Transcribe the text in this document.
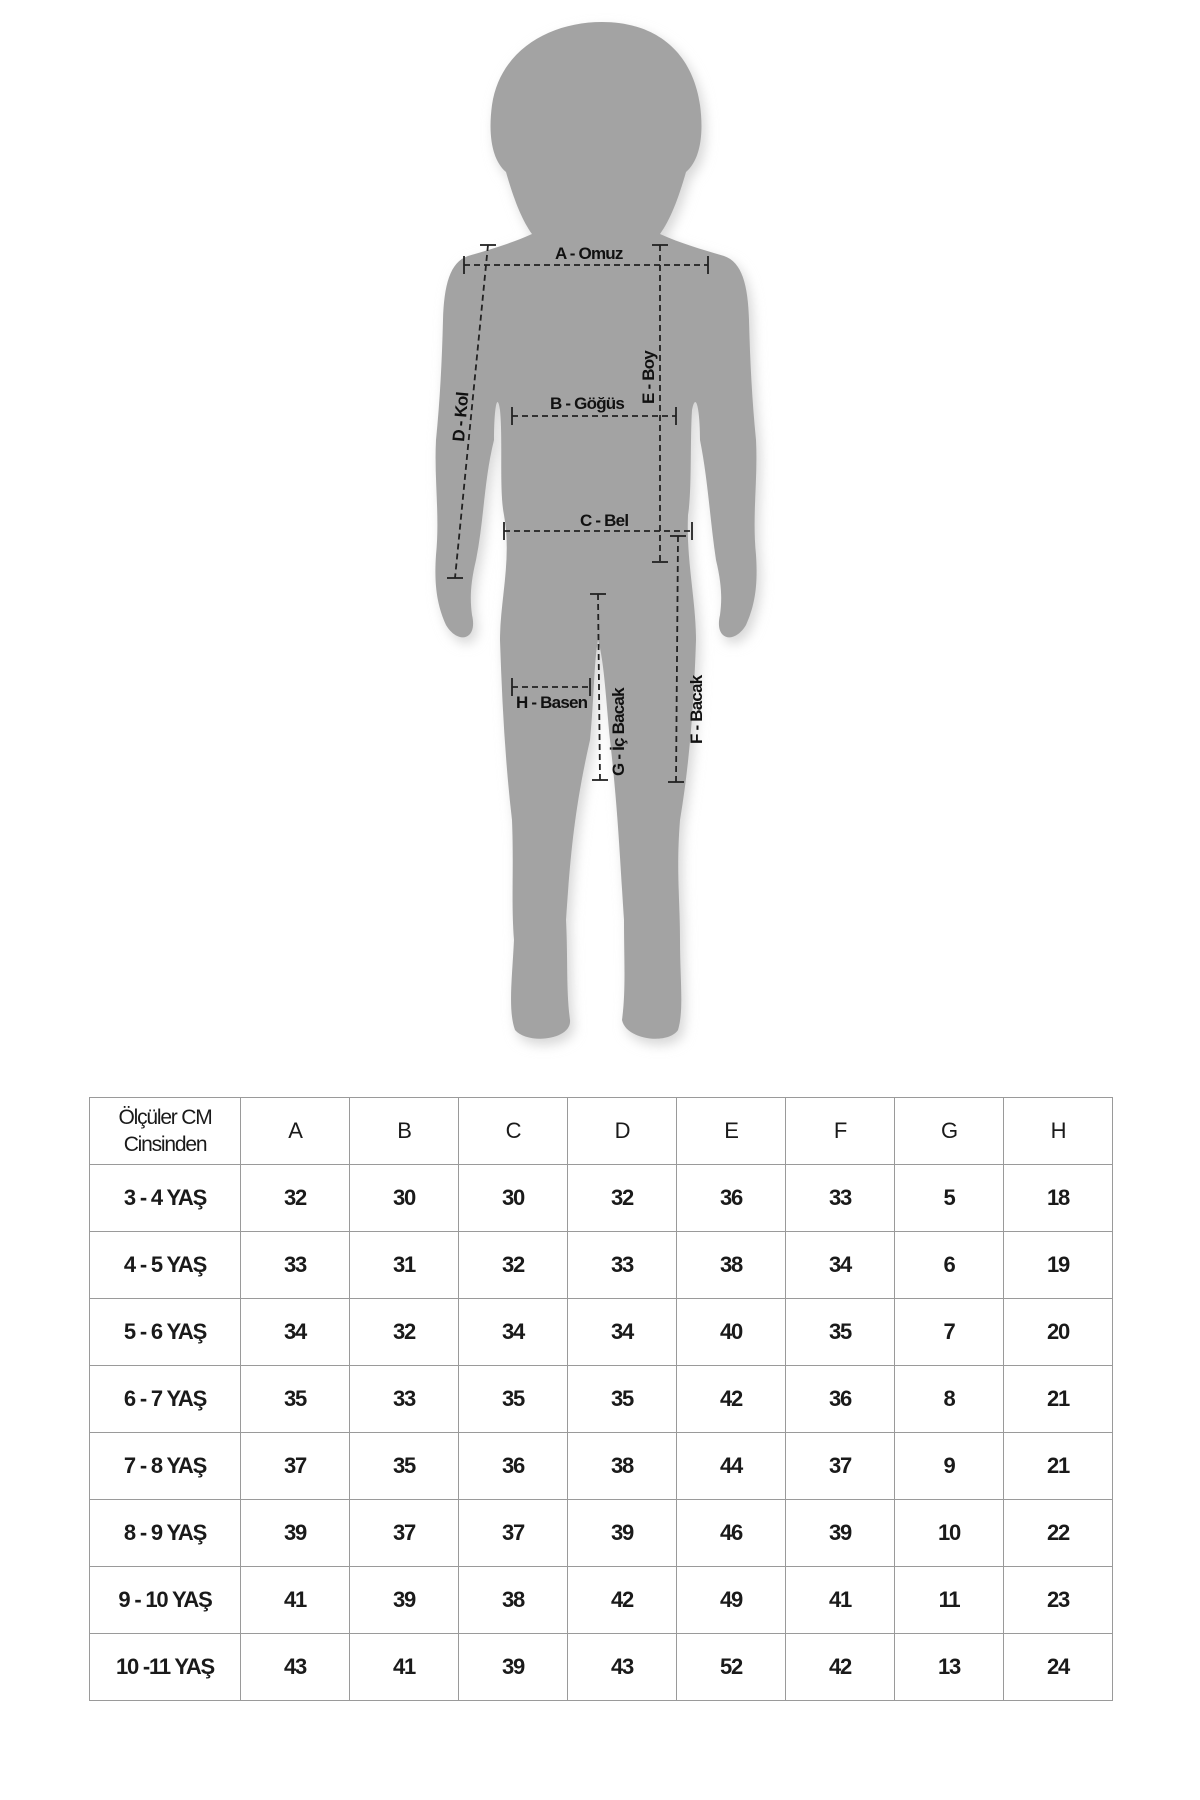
A - Omuz
B - Göğüs
C - Bel
H - Basen
D - Kol
E - Boy
F - Bacak
G - İç Bacak
Ölçüler CM
Cinsinden	A	B	C	D	E	F	G	H
3 - 4 YAŞ	32	30	30	32	36	33	5	18
4 - 5 YAŞ	33	31	32	33	38	34	6	19
5 - 6 YAŞ	34	32	34	34	40	35	7	20
6 - 7 YAŞ	35	33	35	35	42	36	8	21
7 - 8 YAŞ	37	35	36	38	44	37	9	21
8 - 9 YAŞ	39	37	37	39	46	39	10	22
9 - 10 YAŞ	41	39	38	42	49	41	11	23
10 -11 YAŞ	43	41	39	43	52	42	13	24
